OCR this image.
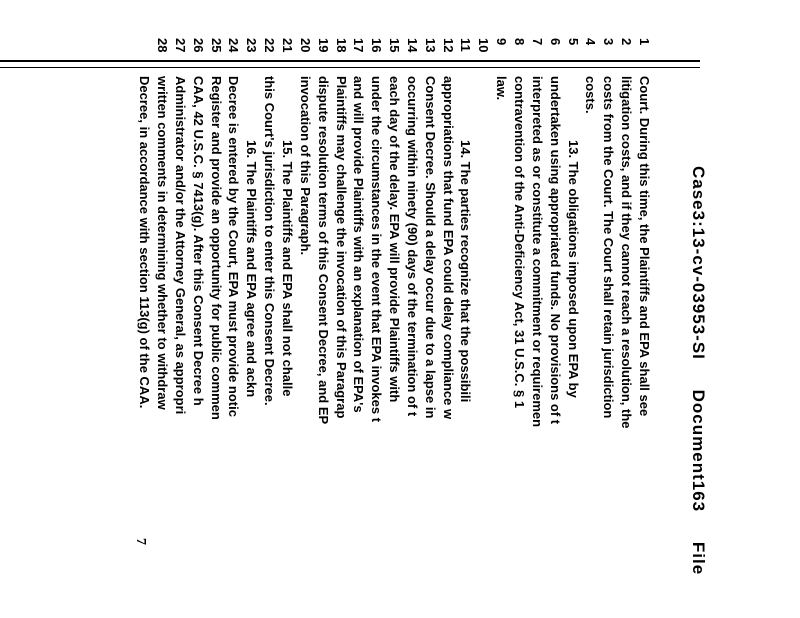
Case3:13-cv-03953-SI Document163 File
1
2
3
4
5
6
7
8
9
10
11
12
13
14
15
16
17
18
19
20
21
22
23
24
25
26
27
28
Court. During this time, the Plaintiffs and EPA shall see
litigation costs, and if they cannot reach a resolution, the
costs from the Court. The Court shall retain jurisdiction
costs.
13. The obligations imposed upon EPA by
undertaken using appropriated funds. No provisions of t
interpreted as or constitute a commitment or requiremen
contravention of the Anti-Deficiency Act, 31 U.S.C. § 1
law.
14. The parties recognize that the possibili
appropriations that fund EPA could delay compliance w
Consent Decree. Should a delay occur due to a lapse in
occurring within ninety (90) days of the termination of t
each day of the delay. EPA will provide Plaintiffs with
under the circumstances in the event that EPA invokes t
and will provide Plaintiffs with an explanation of EPA's
Plaintiffs may challenge the invocation of this Paragrap
dispute resolution terms of this Consent Decree, and EP
invocation of this Paragraph.
15. The Plaintiffs and EPA shall not challe
this Court's jurisdiction to enter this Consent Decree.
16. The Plaintiffs and EPA agree and ackn
Decree is entered by the Court, EPA must provide notic
Register and provide an opportunity for public commen
CAA, 42 U.S.C. § 7413(g). After this Consent Decree h
Administrator and/or the Attorney General, as appropri
written comments in determining whether to withdraw
Decree, in accordance with section 113(g) of the CAA.
7
